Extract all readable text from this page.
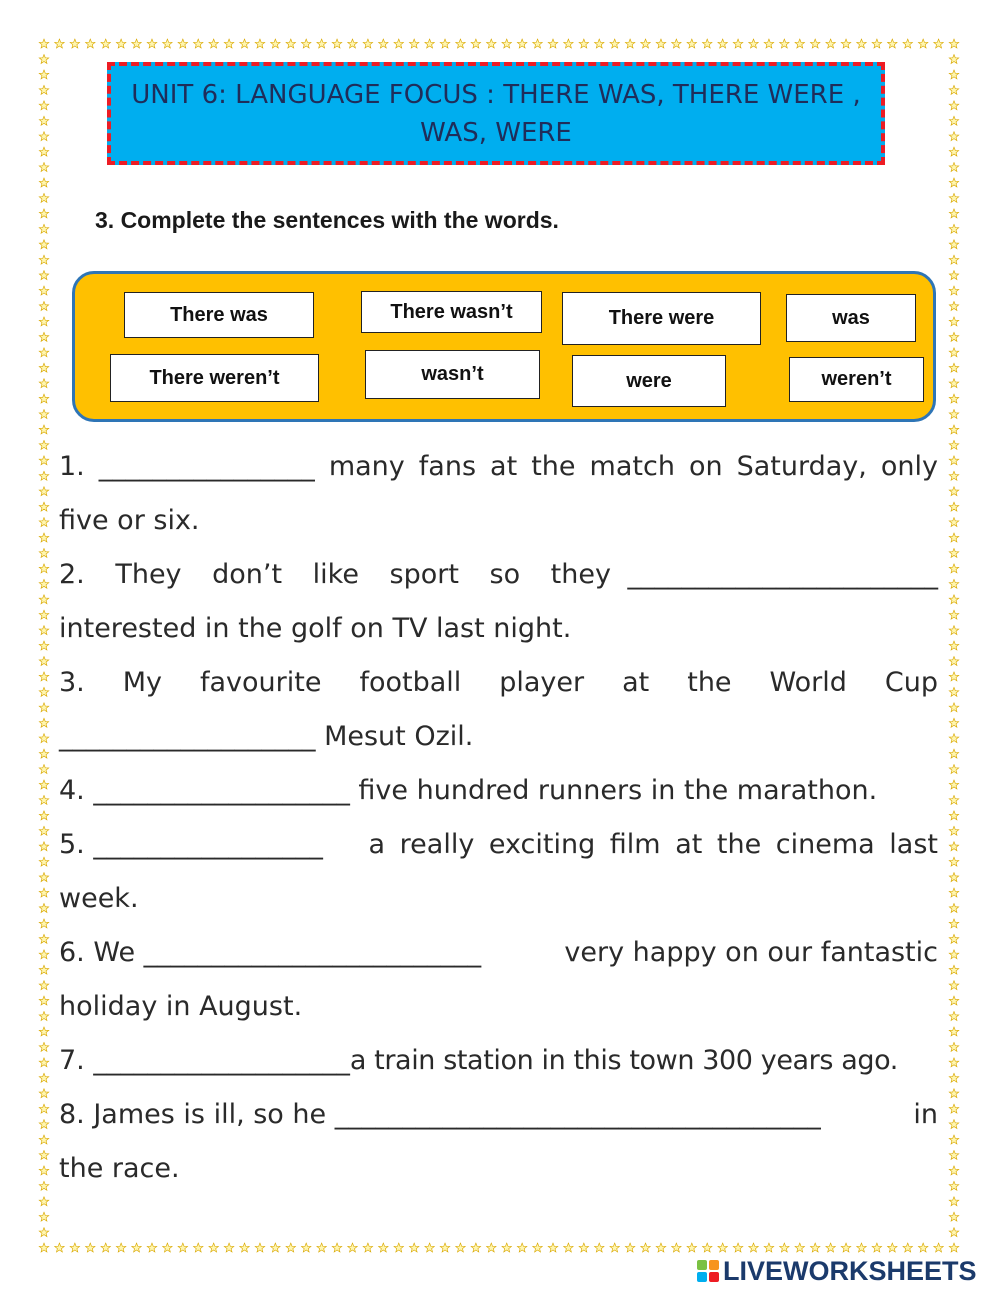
UNIT 6: LANGUAGE FOCUS : THERE WAS, THERE WERE ,
WAS, WERE
3. Complete the sentences with the words.
There was	There wasn’t	There were	was
There weren’t	wasn’t	were	weren’t
1. ________________ many fans at the match on Saturday, only
five or six.
2. They don’t like sport so they _______________________
interested in the golf on TV last night.
3. My favourite football player at the World Cup
___________________ Mesut Ozil.
4. ___________________ five hundred runners in the marathon.
5. _________________ a really exciting film at the cinema last
week.
6. We _________________________	very happy on our fantastic
holiday in August.
7. ___________________a train station in this town 300 years ago.
8. James is ill, so he ____________________________________	in
the race.
LIVEWORKSHEETS
